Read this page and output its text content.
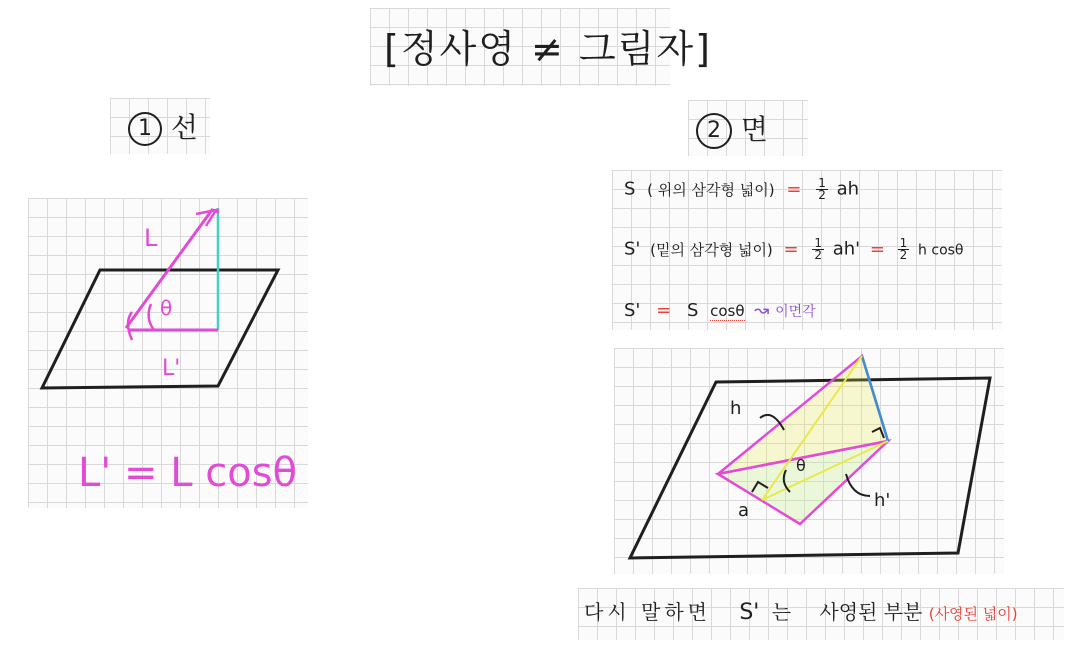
[정사영 ≠ 그림자]
1 선	2 면
L
θ
L'
L' = L cosθ
S ( 위의 삼각형 넓이) = $\frac{1}{2}$ ah
S' (밑의 삼각형 넓이) = $\frac{1}{2} ah' = \frac{1}{2}$ h cosθ
S' = S cosθ ↝ 이면각
h
θ
a	h'
다시 말하면 S' 는 사영된 부분 (사영된 넓이)
